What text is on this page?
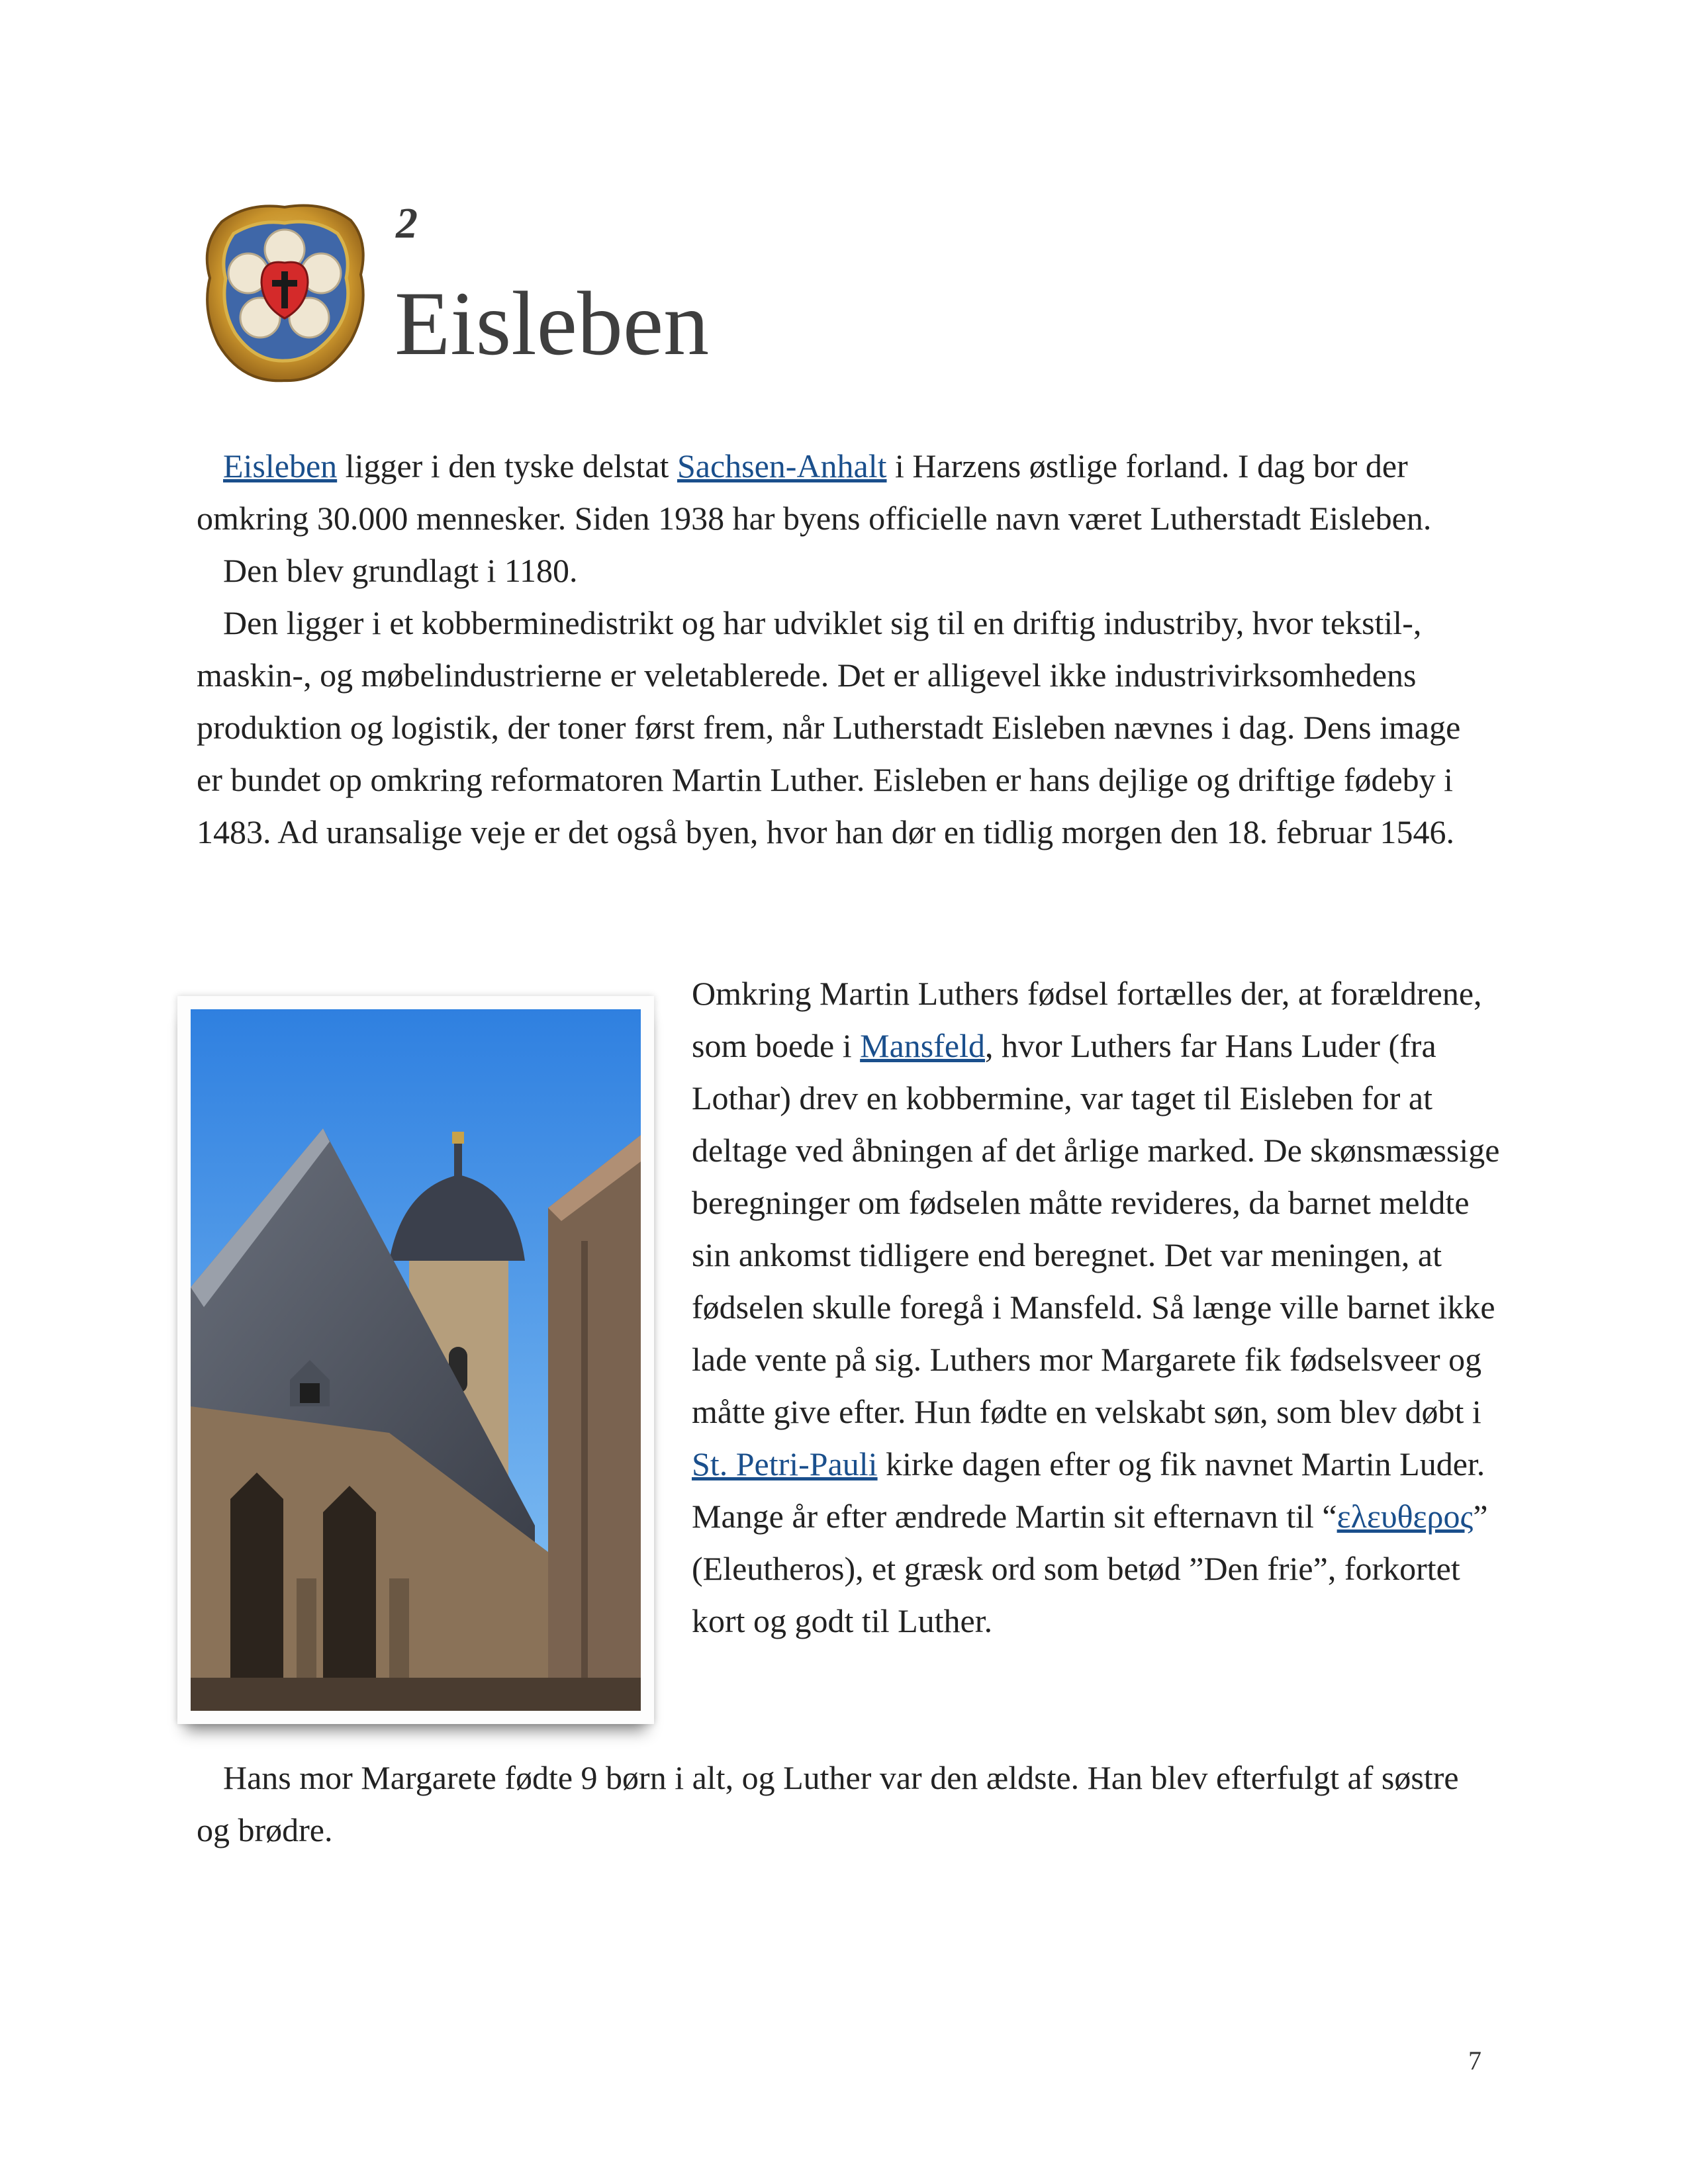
2
Eisleben

Eisleben ligger i den tyske delstat Sachsen-Anhalt i Harzens østlige forland. I dag bor der omkring 30.000 mennesker. Siden 1938 har byens officielle navn været Lutherstadt Eisleben.

Den blev grundlagt i 1180.

Den ligger i et kobberminedistrikt og har udviklet sig til en driftig industriby, hvor tekstil-, maskin-, og møbelindustrierne er veletablerede. Det er alligevel ikke industrivirksomhedens produktion og logistik, der toner først frem, når Lutherstadt Eisleben nævnes i dag. Dens image er bundet op omkring reformatoren Martin Luther. Eisleben er hans dejlige og driftige fødeby i 1483. Ad uransalige veje er det også byen, hvor han dør en tidlig morgen den 18. februar 1546.

Omkring Martin Luthers fødsel fortælles der, at forældrene, som boede i Mansfeld, hvor Luthers far Hans Luder (fra Lothar) drev en kobbermine, var taget til Eisleben for at deltage ved åbningen af det årlige marked. De skønsmæssige beregninger om fødselen måtte revideres, da barnet meldte sin ankomst tidligere end beregnet. Det var meningen, at fødselen skulle foregå i Mansfeld. Så længe ville barnet ikke lade vente på sig. Luthers mor Margarete fik fødselsveer og måtte give efter. Hun fødte en velskabt søn, som blev døbt i St. Petri-Pauli kirke dagen efter og fik navnet Martin Luder. Mange år efter ændrede Martin sit efternavn til “ελευθερος” (Eleutheros), et græsk ord som betød ”Den frie”, forkortet kort og godt til Luther.

Hans mor Margarete fødte 9 børn i alt, og Luther var den ældste. Han blev efterfulgt af søstre og brødre.

7
